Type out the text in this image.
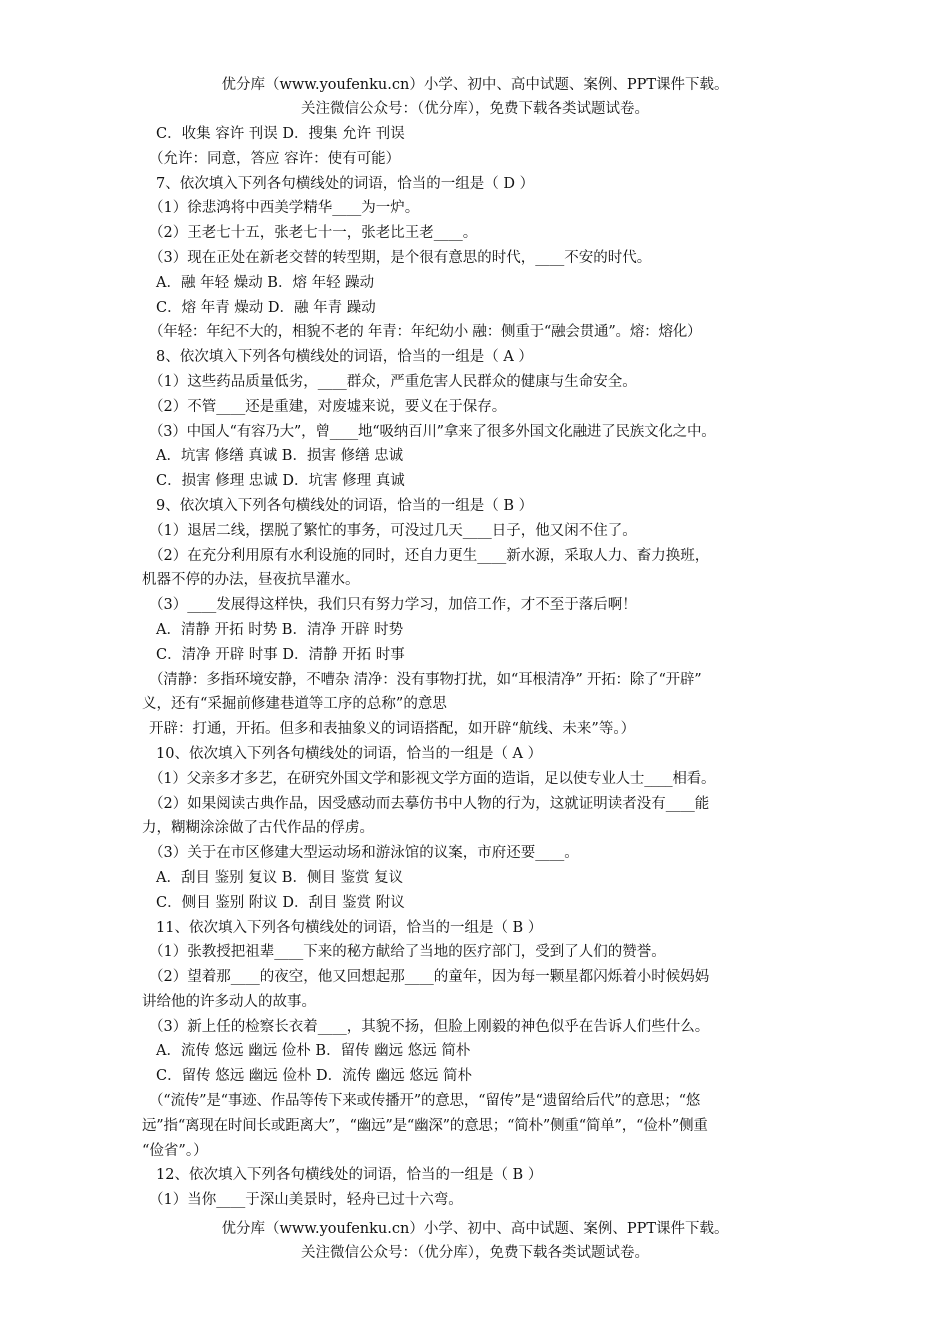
优分库（www.youfenku.cn）小学、初中、高中试题、案例、PPT课件下载。
关注微信公众号：（优分库），免费下载各类试题试卷。

C．收集 容许 刊误 D．搜集 允许 刊误

（允许：同意，答应 容许：使有可能）

7、依次填入下列各句横线处的词语，恰当的一组是（ D ）

（1）徐悲鸿将中西美学精华____为一炉。

（2）王老七十五，张老七十一，张老比王老____。

（3）现在正处在新老交替的转型期，是个很有意思的时代，____不安的时代。

A．融 年轻 燥动 B．熔 年轻 躁动

C．熔 年青 燥动 D．融 年青 躁动

（年轻：年纪不大的，相貌不老的 年青：年纪幼小 融：侧重于“融会贯通”。熔：熔化）

8、依次填入下列各句横线处的词语，恰当的一组是（ A ）

（1）这些药品质量低劣，____群众，严重危害人民群众的健康与生命安全。

（2）不管____还是重建，对废墟来说，要义在于保存。

（3）中国人“有容乃大”，曾____地“吸纳百川”拿来了很多外国文化融进了民族文化之中。

A．坑害 修缮 真诚 B．损害 修缮 忠诚

C．损害 修理 忠诚 D．坑害 修理 真诚

9、依次填入下列各句横线处的词语，恰当的一组是（ B ）

（1）退居二线，摆脱了繁忙的事务，可没过几天____日子，他又闲不住了。

（2）在充分利用原有水利设施的同时，还自力更生____新水源，采取人力、畜力换班，

机器不停的办法，昼夜抗旱灌水。

（3）____发展得这样快，我们只有努力学习，加倍工作，才不至于落后啊！

A．清静 开拓 时势 B．清净 开辟 时势

C．清净 开辟 时事 D．清静 开拓 时事

（清静：多指环境安静，不嘈杂 清净：没有事物打扰，如“耳根清净” 开拓：除了“开辟”

义，还有“采掘前修建巷道等工序的总称”的意思

开辟：打通，开拓。但多和表抽象义的词语搭配，如开辟“航线、未来”等。）

10、依次填入下列各句横线处的词语，恰当的一组是（ A ）

（1）父亲多才多艺，在研究外国文学和影视文学方面的造诣，足以使专业人士____相看。

（2）如果阅读古典作品，因受感动而去摹仿书中人物的行为，这就证明读者没有____能

力，糊糊涂涂做了古代作品的俘虏。

（3）关于在市区修建大型运动场和游泳馆的议案，市府还要____。

A．刮目 鉴别 复议 B．侧目 鉴赏 复议

C．侧目 鉴别 附议 D．刮目 鉴赏 附议

11、依次填入下列各句横线处的词语，恰当的一组是（ B ）

（1）张教授把祖辈____下来的秘方献给了当地的医疗部门，受到了人们的赞誉。

（2）望着那____的夜空，他又回想起那____的童年，因为每一颗星都闪烁着小时候妈妈

讲给他的许多动人的故事。

（3）新上任的检察长衣着____，其貌不扬，但脸上刚毅的神色似乎在告诉人们些什么。

A．流传 悠远 幽远 俭朴 B．留传 幽远 悠远 简朴

C．留传 悠远 幽远 俭朴 D．流传 幽远 悠远 简朴

（“流传”是“事迹、作品等传下来或传播开”的意思，“留传”是“遗留给后代”的意思；“悠

远”指“离现在时间长或距离大”，“幽远”是“幽深”的意思；“简朴”侧重“简单”，“俭朴”侧重

“俭省”。）

12、依次填入下列各句横线处的词语，恰当的一组是（ B ）

（1）当你____于深山美景时，轻舟已过十六弯。

优分库（www.youfenku.cn）小学、初中、高中试题、案例、PPT课件下载。
关注微信公众号：（优分库），免费下载各类试题试卷。
